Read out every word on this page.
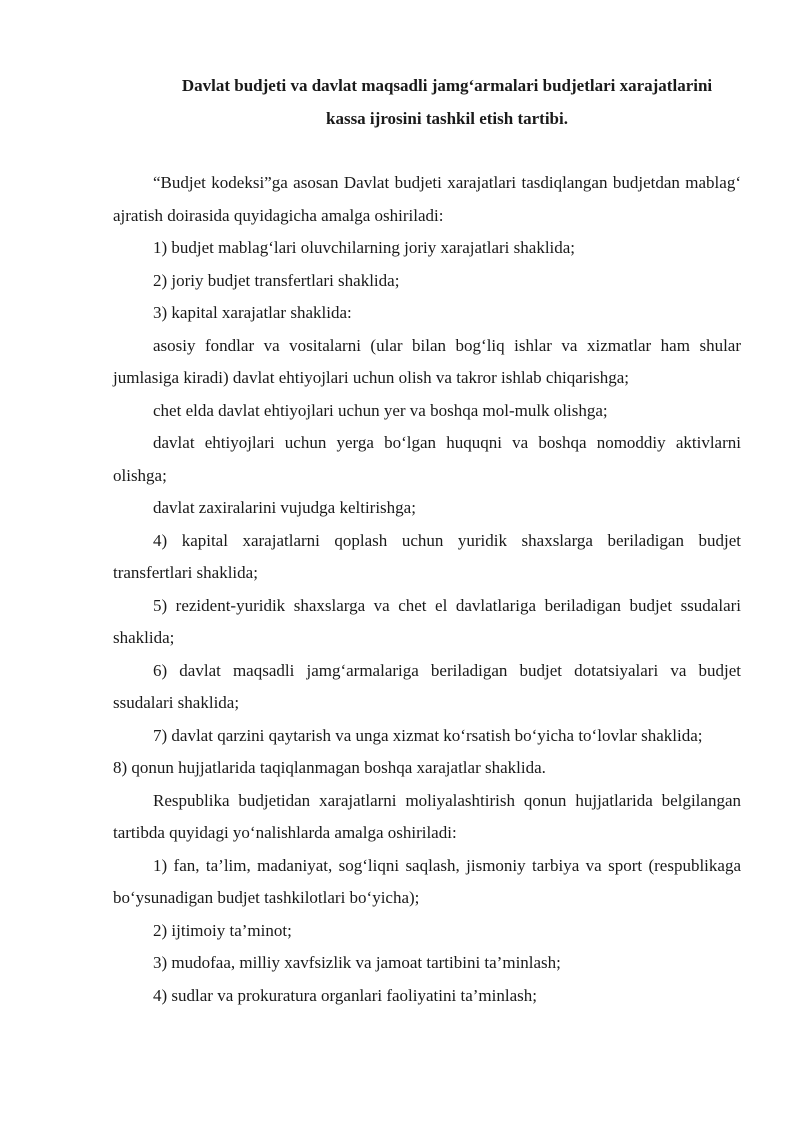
Davlat budjeti va davlat maqsadli jamg‘armalari budjetlari xarajatlarini

kassa ijrosini tashkil etish tartibi.

“Budjet kodeksi”ga asosan Davlat budjeti xarajatlari tasdiqlangan budjetdan mablag‘ ajratish doirasida quyidagicha amalga oshiriladi:

1) budjet mablag‘lari oluvchilarning joriy xarajatlari shaklida;

2) joriy budjet transfertlari shaklida;

3) kapital xarajatlar shaklida:

asosiy fondlar va vositalarni (ular bilan bog‘liq ishlar va xizmatlar ham shular jumlasiga kiradi) davlat ehtiyojlari uchun olish va takror ishlab chiqarishga;

chet elda davlat ehtiyojlari uchun yer va boshqa mol-mulk olishga;

davlat ehtiyojlari uchun yerga bo‘lgan huquqni va boshqa nomoddiy aktivlarni olishga;

davlat zaxiralarini vujudga keltirishga;

4) kapital xarajatlarni qoplash uchun yuridik shaxslarga beriladigan budjet transfertlari shaklida;

5) rezident-yuridik shaxslarga va chet el davlatlariga beriladigan budjet ssudalari shaklida;

6) davlat maqsadli jamg‘armalariga beriladigan budjet dotatsiyalari va budjet ssudalari shaklida;

7) davlat qarzini qaytarish va unga xizmat ko‘rsatish bo‘yicha to‘lovlar shaklida;

8) qonun hujjatlarida taqiqlanmagan boshqa xarajatlar shaklida.

Respublika budjetidan xarajatlarni moliyalashtirish qonun hujjatlarida belgilangan tartibda quyidagi yo‘nalishlarda amalga oshiriladi:

1) fan, ta’lim, madaniyat, sog‘liqni saqlash, jismoniy tarbiya va sport (respublikaga bo‘ysunadigan budjet tashkilotlari bo‘yicha);

2) ijtimoiy ta’minot;

3) mudofaa, milliy xavfsizlik va jamoat tartibini ta’minlash;

4) sudlar va prokuratura organlari faoliyatini ta’minlash;
